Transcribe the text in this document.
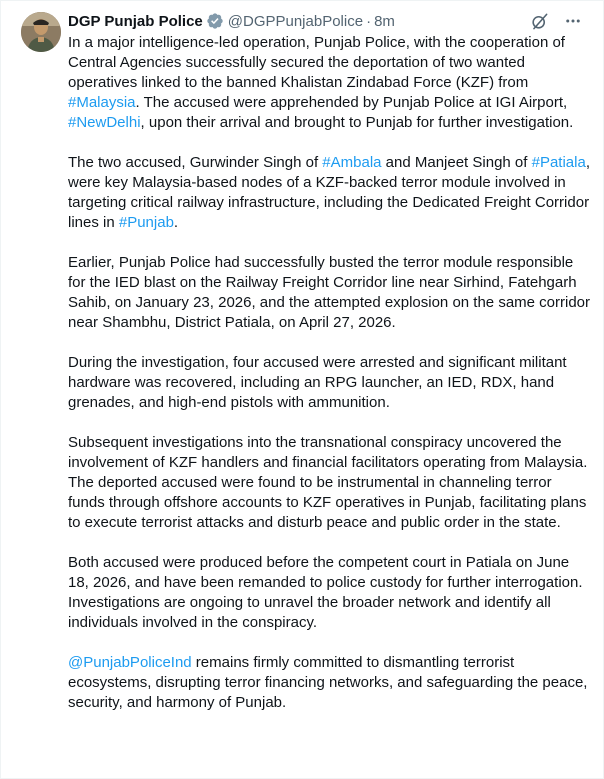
DGP Punjab Police @DGPPunjabPolice · 8m

In a major intelligence-led operation, Punjab Police, with the cooperation of Central Agencies successfully secured the deportation of two wanted operatives linked to the banned Khalistan Zindabad Force (KZF) from #Malaysia. The accused were apprehended by Punjab Police at IGI Airport, #NewDelhi, upon their arrival and brought to Punjab for further investigation.

The two accused, Gurwinder Singh of #Ambala and Manjeet Singh of #Patiala, were key Malaysia-based nodes of a KZF-backed terror module involved in targeting critical railway infrastructure, including the Dedicated Freight Corridor lines in #Punjab.

Earlier, Punjab Police had successfully busted the terror module responsible for the IED blast on the Railway Freight Corridor line near Sirhind, Fatehgarh Sahib, on January 23, 2026, and the attempted explosion on the same corridor near Shambhu, District Patiala, on April 27, 2026.

During the investigation, four accused were arrested and significant militant hardware was recovered, including an RPG launcher, an IED, RDX, hand grenades, and high-end pistols with ammunition.

Subsequent investigations into the transnational conspiracy uncovered the involvement of KZF handlers and financial facilitators operating from Malaysia. The deported accused were found to be instrumental in channeling terror funds through offshore accounts to KZF operatives in Punjab, facilitating plans to execute terrorist attacks and disturb peace and public order in the state.

Both accused were produced before the competent court in Patiala on June 18, 2026, and have been remanded to police custody for further interrogation. Investigations are ongoing to unravel the broader network and identify all individuals involved in the conspiracy.

@PunjabPoliceInd remains firmly committed to dismantling terrorist ecosystems, disrupting terror financing networks, and safeguarding the peace, security, and harmony of Punjab.
